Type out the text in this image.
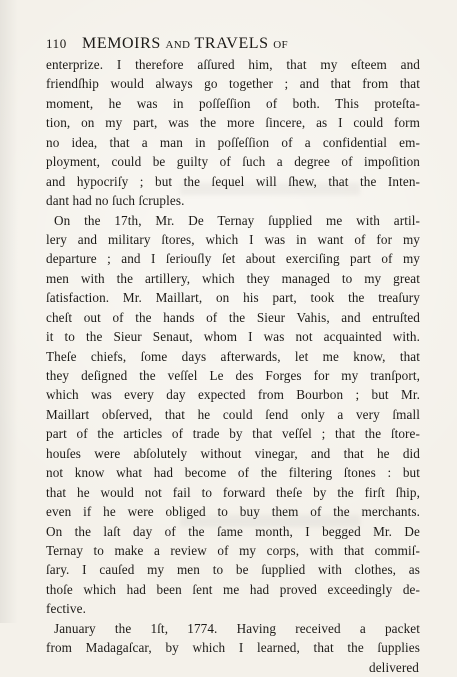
110 MEMOIRS AND TRAVELS OF
enterprize. I therefore aſſured him, that my eſteem and
friendſhip would always go together ; and that from that
moment, he was in poſſeſſion of both. This proteſta-
tion, on my part, was the more ſincere, as I could form
no idea, that a man in poſſeſſion of a confidential em-
ployment, could be guilty of ſuch a degree of impoſition
and hypocriſy ; but the ſequel will ſhew, that the Inten-
dant had no ſuch ſcruples.
On the 17th, Mr. De Ternay ſupplied me with artil-
lery and military ſtores, which I was in want of for my
departure ; and I ſeriouſly ſet about exerciſing part of my
men with the artillery, which they managed to my great
ſatisfaction. Mr. Maillart, on his part, took the treaſury
cheſt out of the hands of the Sieur Vahis, and entruſted
it to the Sieur Senaut, whom I was not acquainted with.
Theſe chiefs, ſome days afterwards, let me know, that
they deſigned the veſſel Le des Forges for my tranſport,
which was every day expected from Bourbon ; but Mr.
Maillart obſerved, that he could ſend only a very ſmall
part of the articles of trade by that veſſel ; that the ſtore-
houſes were abſolutely without vinegar, and that he did
not know what had become of the filtering ſtones : but
that he would not fail to forward theſe by the firſt ſhip,
even if he were obliged to buy them of the merchants.
On the laſt day of the ſame month, I begged Mr. De
Ternay to make a review of my corps, with that commiſ-
ſary. I cauſed my men to be ſupplied with clothes, as
thoſe which had been ſent me had proved exceedingly de-
fective.
January the 1ſt, 1774. Having received a packet
from Madagaſcar, by which I learned, that the ſupplies
delivered
